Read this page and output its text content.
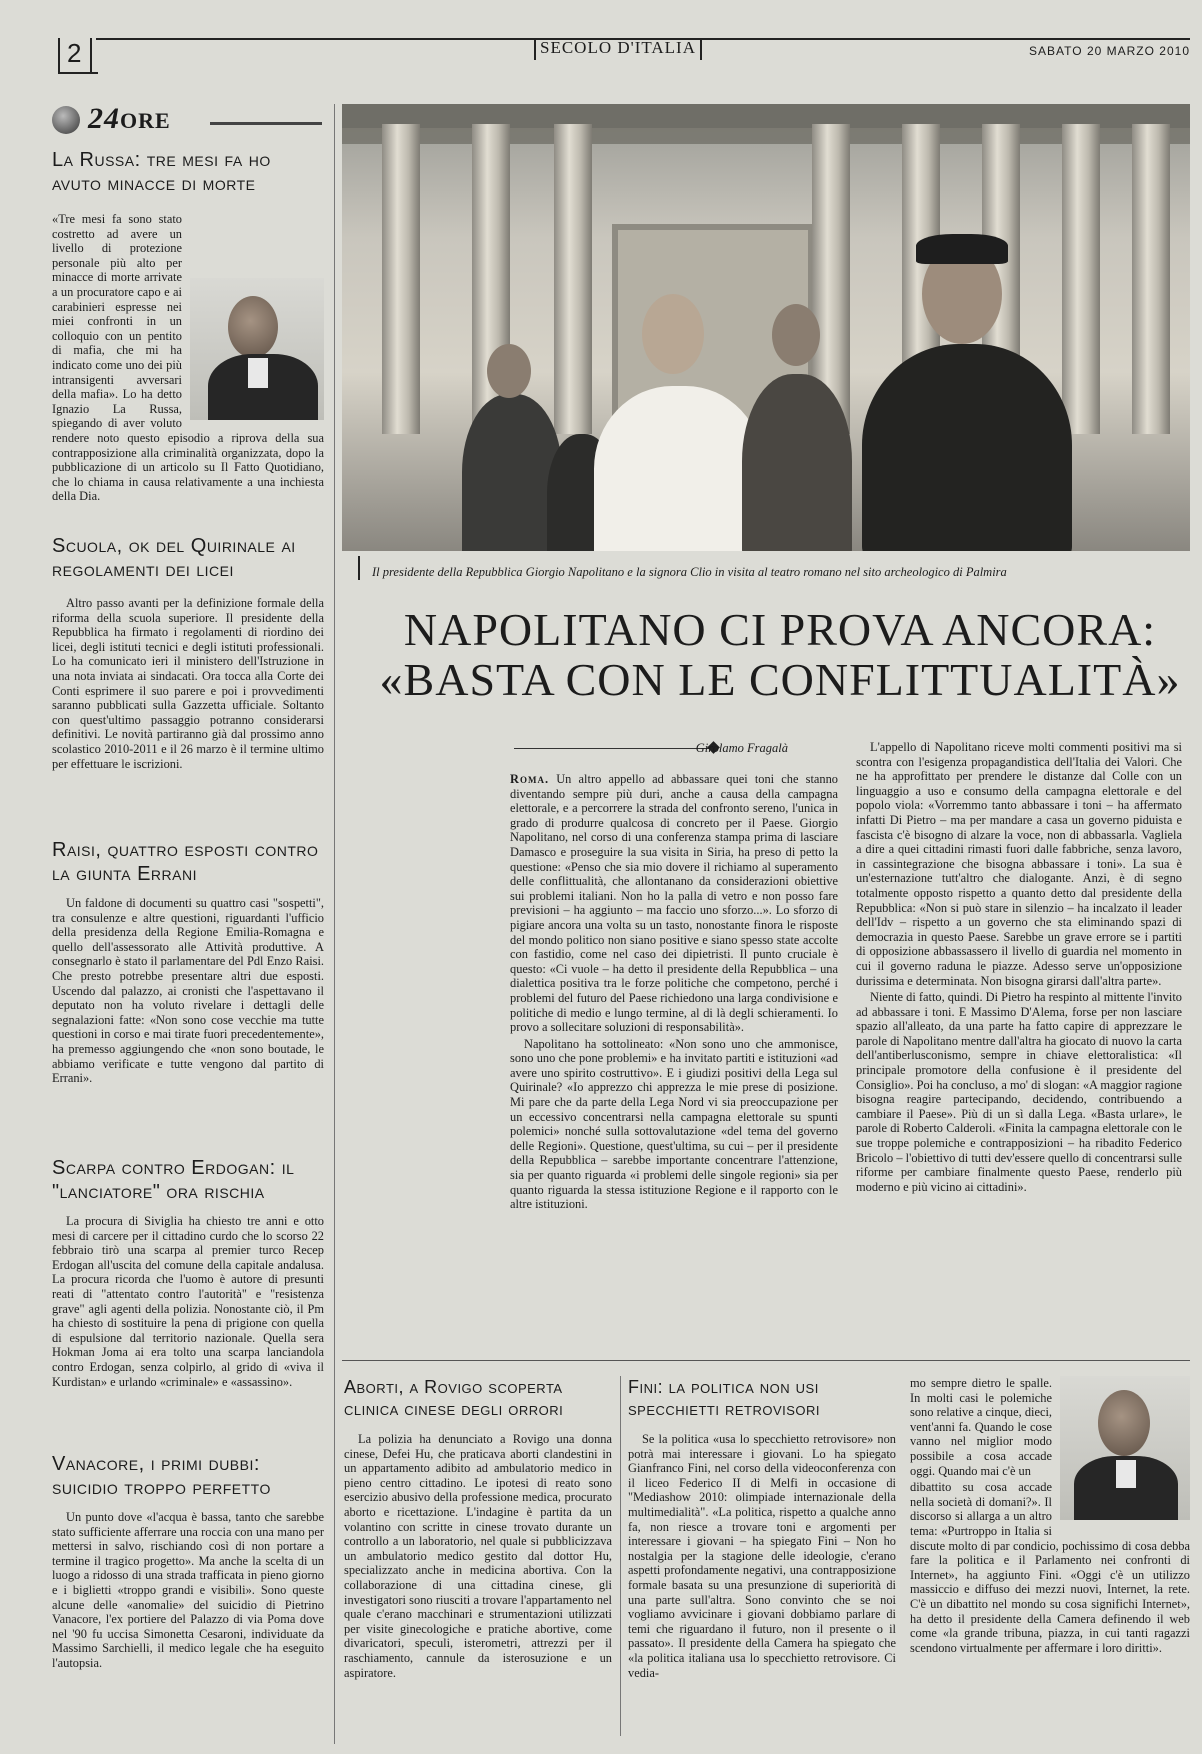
2	SECOLO D'ITALIA	SABATO 20 MARZO 2010
24ORE
La Russa: tre mesi fa ho avuto minacce di morte

«Tre mesi fa sono stato costretto ad avere un livello di protezione personale più alto per minacce di morte arrivate a un procuratore capo e ai carabinieri espresse nei miei confronti in un colloquio con un pentito di mafia, che mi ha indicato come uno dei più intransigenti avversari della mafia». Lo ha detto Ignazio La Russa, spiegando di aver voluto rendere noto questo episodio a riprova della sua contrapposizione alla criminalità organizzata, dopo la pubblicazione di un articolo su Il Fatto Quotidiano, che lo chiama in causa relativamente a una inchiesta della Dia.

Scuola, ok del Quirinale ai regolamenti dei licei

Altro passo avanti per la definizione formale della riforma della scuola superiore. Il presidente della Repubblica ha firmato i regolamenti di riordino dei licei, degli istituti tecnici e degli istituti professionali. Lo ha comunicato ieri il ministero dell'Istruzione in una nota inviata ai sindacati. Ora tocca alla Corte dei Conti esprimere il suo parere e poi i provvedimenti saranno pubblicati sulla Gazzetta ufficiale. Soltanto con quest'ultimo passaggio potranno considerarsi definitivi. Le novità partiranno già dal prossimo anno scolastico 2010-2011 e il 26 marzo è il termine ultimo per effettuare le iscrizioni.

Raisi, quattro esposti contro la giunta Errani

Un faldone di documenti su quattro casi "sospetti", tra consulenze e altre questioni, riguardanti l'ufficio della presidenza della Regione Emilia-Romagna e quello dell'assessorato alle Attività produttive. A consegnarlo è stato il parlamentare del Pdl Enzo Raisi. Che presto potrebbe presentare altri due esposti. Uscendo dal palazzo, ai cronisti che l'aspettavano il deputato non ha voluto rivelare i dettagli delle segnalazioni fatte: «Non sono cose vecchie ma tutte questioni in corso e mai tirate fuori precedentemente», ha premesso aggiungendo che «non sono boutade, le abbiamo verificate e tutte vengono dal partito di Errani».

Scarpa contro Erdogan: il "lanciatore" ora rischia

La procura di Siviglia ha chiesto tre anni e otto mesi di carcere per il cittadino curdo che lo scorso 22 febbraio tirò una scarpa al premier turco Recep Erdogan all'uscita del comune della capitale andalusa. La procura ricorda che l'uomo è autore di presunti reati di "attentato contro l'autorità" e "resistenza grave" agli agenti della polizia. Nonostante ciò, il Pm ha chiesto di sostituire la pena di prigione con quella di espulsione dal territorio nazionale. Quella sera Hokman Joma ai era tolto una scarpa lanciandola contro Erdogan, senza colpirlo, al grido di «viva il Kurdistan» e urlando «criminale» e «assassino».

Vanacore, i primi dubbi: suicidio troppo perfetto

Un punto dove «l'acqua è bassa, tanto che sarebbe stato sufficiente afferrare una roccia con una mano per mettersi in salvo, rischiando così di non portare a termine il tragico progetto». Ma anche la scelta di un luogo a ridosso di una strada trafficata in pieno giorno e i biglietti «troppo grandi e visibili». Sono queste alcune delle «anomalie» del suicidio di Pietrino Vanacore, l'ex portiere del Palazzo di via Poma dove nel '90 fu uccisa Simonetta Cesaroni, individuate da Massimo Sarchielli, il medico legale che ha eseguito l'autopsia.

Il presidente della Repubblica Giorgio Napolitano e la signora Clio in visita al teatro romano nel sito archeologico di Palmira
NAPOLITANO CI PROVA ANCORA:
«BASTA CON LE CONFLITTUALITÀ»
Girolamo Fragalà

Roma. Un altro appello ad abbassare quei toni che stanno diventando sempre più duri, anche a causa della campagna elettorale, e a percorrere la strada del confronto sereno, l'unica in grado di produrre qualcosa di concreto per il Paese. Giorgio Napolitano, nel corso di una conferenza stampa prima di lasciare Damasco e proseguire la sua visita in Siria, ha preso di petto la questione: «Penso che sia mio dovere il richiamo al superamento delle conflittualità, che allontanano da considerazioni obiettive sui problemi italiani. Non ho la palla di vetro e non posso fare previsioni – ha aggiunto – ma faccio uno sforzo...». Lo sforzo di pigiare ancora una volta su un tasto, nonostante finora le risposte del mondo politico non siano positive e siano spesso state accolte con fastidio, come nel caso dei dipietristi. Il punto cruciale è questo: «Ci vuole – ha detto il presidente della Repubblica – una dialettica positiva tra le forze politiche che competono, perché i problemi del futuro del Paese richiedono una larga condivisione e politiche di medio e lungo termine, al di là degli schieramenti. Io provo a sollecitare soluzioni di responsabilità».

Napolitano ha sottolineato: «Non sono uno che ammonisce, sono uno che pone problemi» e ha invitato partiti e istituzioni «ad avere uno spirito costruttivo». E i giudizi positivi della Lega sul Quirinale? «Io apprezzo chi apprezza le mie prese di posizione. Mi pare che da parte della Lega Nord vi sia preoccupazione per un eccessivo concentrarsi nella campagna elettorale su spunti polemici» nonché sulla sottovalutazione «del tema del governo delle Regioni». Questione, quest'ultima, su cui – per il presidente della Repubblica – sarebbe importante concentrare l'attenzione, sia per quanto riguarda «i problemi delle singole regioni» sia per quanto riguarda la stessa istituzione Regione e il rapporto con le altre istituzioni.

L'appello di Napolitano riceve molti commenti positivi ma si scontra con l'esigenza propagandistica dell'Italia dei Valori. Che ne ha approfittato per prendere le distanze dal Colle con un linguaggio a uso e consumo della campagna elettorale e del popolo viola: «Vorremmo tanto abbassare i toni – ha affermato infatti Di Pietro – ma per mandare a casa un governo piduista e fascista c'è bisogno di alzare la voce, non di abbassarla. Vagliela a dire a quei cittadini rimasti fuori dalle fabbriche, senza lavoro, in cassintegrazione che bisogna abbassare i toni». La sua è un'esternazione tutt'altro che dialogante. Anzi, è di segno totalmente opposto rispetto a quanto detto dal presidente della Repubblica: «Non si può stare in silenzio – ha incalzato il leader dell'Idv – rispetto a un governo che sta eliminando spazi di democrazia in questo Paese. Sarebbe un grave errore se i partiti di opposizione abbassassero il livello di guardia nel momento in cui il governo raduna le piazze. Adesso serve un'opposizione durissima e determinata. Non bisogna girarsi dall'altra parte».

Niente di fatto, quindi. Di Pietro ha respinto al mittente l'invito ad abbassare i toni. E Massimo D'Alema, forse per non lasciare spazio all'alleato, da una parte ha fatto capire di apprezzare le parole di Napolitano mentre dall'altra ha giocato di nuovo la carta dell'antiberlusconismo, sempre in chiave elettoralistica: «Il principale promotore della confusione è il presidente del Consiglio». Poi ha concluso, a mo' di slogan: «A maggior ragione bisogna reagire partecipando, decidendo, contribuendo a cambiare il Paese». Più di un sì dalla Lega. «Basta urlare», le parole di Roberto Calderoli. «Finita la campagna elettorale con le sue troppe polemiche e contrapposizioni – ha ribadito Federico Bricolo – l'obiettivo di tutti dev'essere quello di concentrarsi sulle riforme per cambiare finalmente questo Paese, renderlo più moderno e più vicino ai cittadini».

Aborti, a Rovigo scoperta clinica cinese degli orrori

La polizia ha denunciato a Rovigo una donna cinese, Defei Hu, che praticava aborti clandestini in un appartamento adibito ad ambulatorio medico in pieno centro cittadino. Le ipotesi di reato sono esercizio abusivo della professione medica, procurato aborto e ricettazione. L'indagine è partita da un volantino con scritte in cinese trovato durante un controllo a un laboratorio, nel quale si pubblicizzava un ambulatorio medico gestito dal dottor Hu, specializzato anche in medicina abortiva. Con la collaborazione di una cittadina cinese, gli investigatori sono riusciti a trovare l'appartamento nel quale c'erano macchinari e strumentazioni utilizzati per visite ginecologiche e pratiche abortive, come divaricatori, speculi, isterometri, attrezzi per il raschiamento, cannule da isterosuzione e un aspiratore.

Fini: la politica non usi specchietti retrovisori

Se la politica «usa lo specchietto retrovisore» non potrà mai interessare i giovani. Lo ha spiegato Gianfranco Fini, nel corso della videoconferenza con il liceo Federico II di Melfi in occasione di "Mediashow 2010: olimpiade internazionale della multimedialità". «La politica, rispetto a qualche anno fa, non riesce a trovare toni e argomenti per interessare i giovani – ha spiegato Fini – Non ho nostalgia per la stagione delle ideologie, c'erano aspetti profondamente negativi, una contrapposizione formale basata su una presunzione di superiorità di una parte sull'altra. Sono convinto che se noi vogliamo avvicinare i giovani dobbiamo parlare di temi che riguardano il futuro, non il presente o il passato». Il presidente della Camera ha spiegato che «la politica italiana usa lo specchietto retrovisore. Ci vedia-

mo sempre dietro le spalle. In molti casi le polemiche sono relative a cinque, dieci, vent'anni fa. Quando le cose vanno nel miglior modo possibile a cosa accade oggi. Quando mai c'è un

dibattito su cosa accade nella società di domani?». Il discorso si allarga a un altro tema: «Purtroppo in Italia si discute molto di par condicio, pochissimo di cosa debba fare la politica e il Parlamento nei confronti di Internet», ha aggiunto Fini. «Oggi c'è un utilizzo massiccio e diffuso dei mezzi nuovi, Internet, la rete. C'è un dibattito nel mondo su cosa significhi Internet», ha detto il presidente della Camera definendo il web come «la grande tribuna, piazza, in cui tanti ragazzi scendono virtualmente per affermare i loro diritti».
